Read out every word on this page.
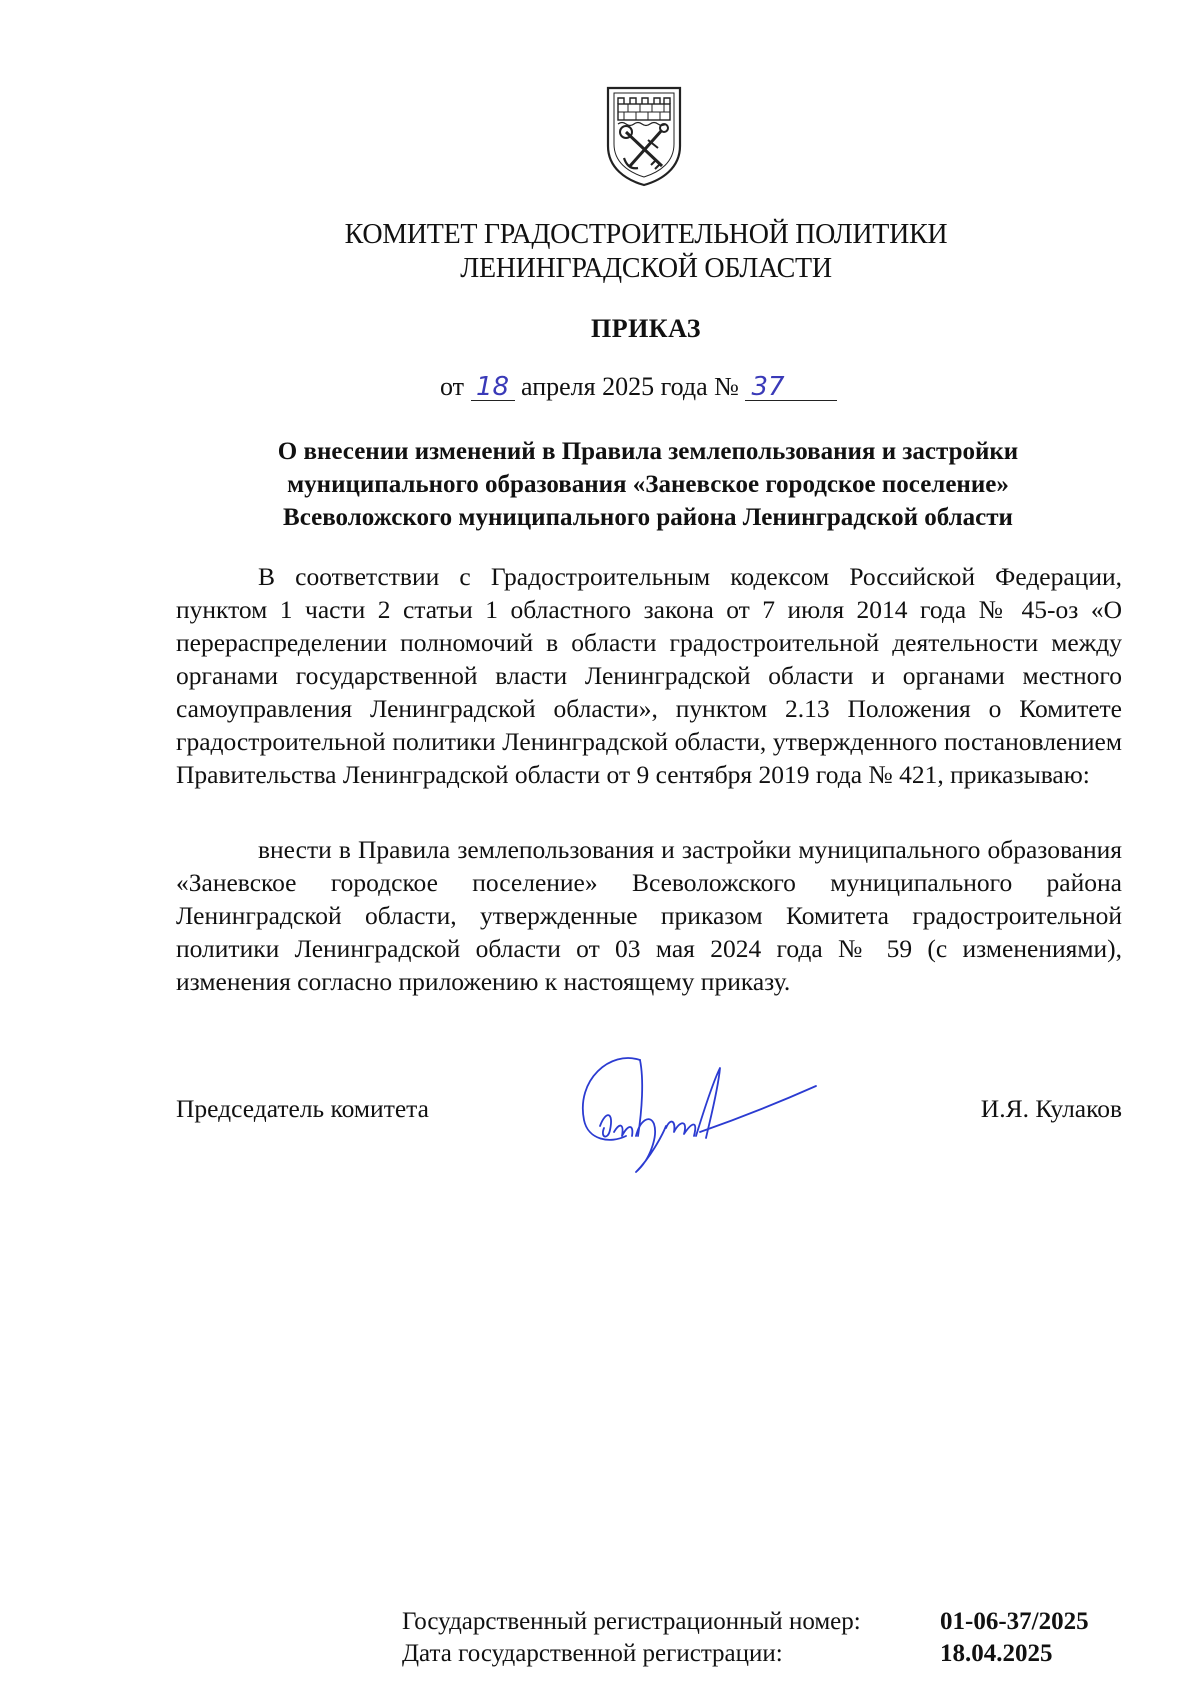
КОМИТЕТ ГРАДОСТРОИТЕЛЬНОЙ ПОЛИТИКИ
ЛЕНИНГРАДСКОЙ ОБЛАСТИ
ПРИКАЗ
от 18 апреля 2025 года № 37
О внесении изменений в Правила землепользования и застройки
муниципального образования «Заневское городское поселение»
Всеволожского муниципального района Ленинградской области

В соответствии с Градостроительным кодексом Российской Федерации, пунктом 1 части 2 статьи 1 областного закона от 7 июля 2014 года № 45-оз «О перераспределении полномочий в области градостроительной деятельности между органами государственной власти Ленинградской области и органами местного самоуправления Ленинградской области», пунктом 2.13 Положения о Комитете градостроительной политики Ленинградской области, утвержденного постановлением Правительства Ленинградской области от 9 сентября 2019 года № 421, приказываю:

внести в Правила землепользования и застройки муниципального образования «Заневское городское поселение» Всеволожского муниципального района Ленинградской области, утвержденные приказом Комитета градостроительной политики Ленинградской области от 03 мая 2024 года № 59 (с изменениями), изменения согласно приложению к настоящему приказу.

Председатель комитета	И.Я. Кулаков
Государственный регистрационный номер:	01-06-37/2025
Дата государственной регистрации:	18.04.2025
